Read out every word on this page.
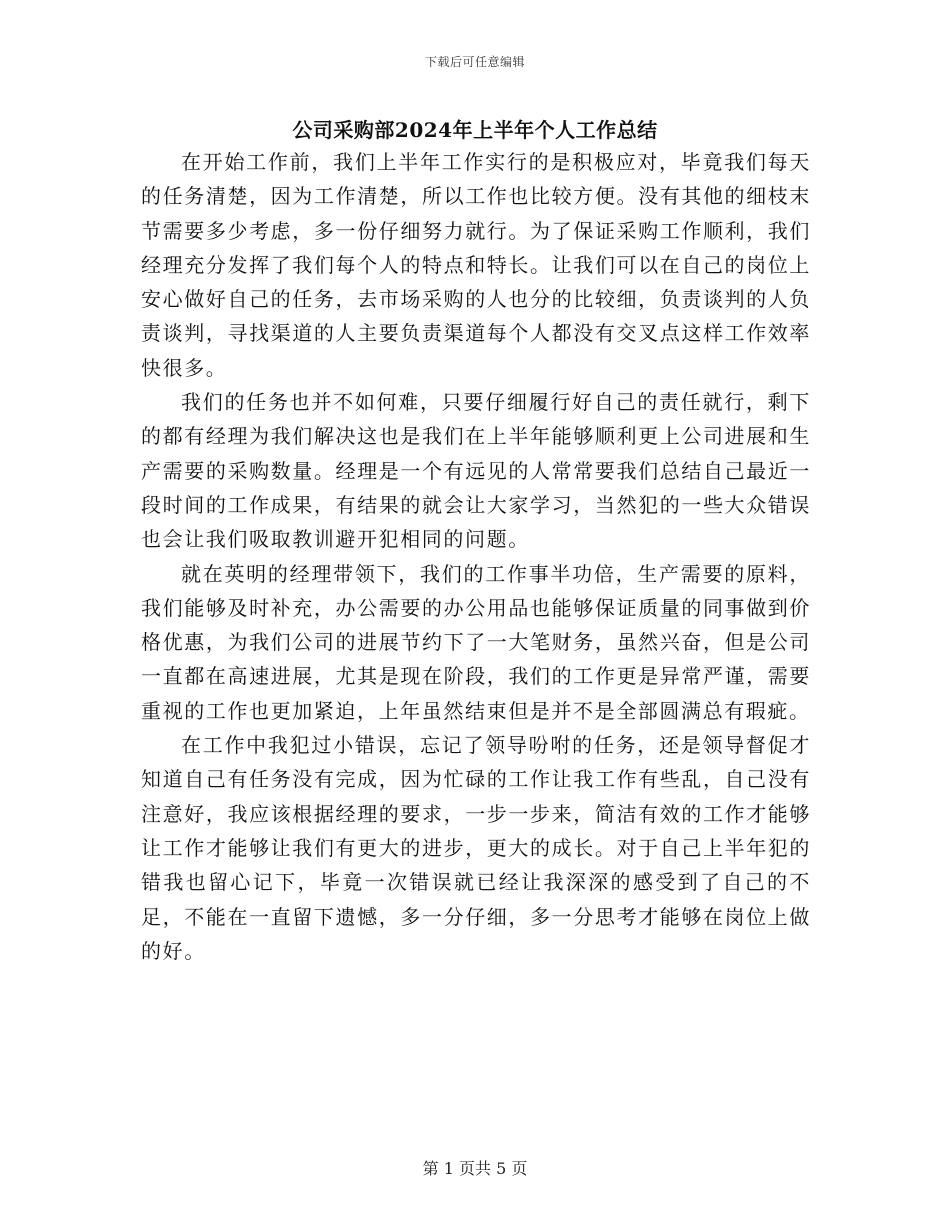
下载后可任意编辑
公司采购部2024年上半年个人工作总结

在开始工作前，我们上半年工作实行的是积极应对，毕竟我们每天的任务清楚，因为工作清楚，所以工作也比较方便。没有其他的细枝末节需要多少考虑，多一份仔细努力就行。为了保证采购工作顺利，我们经理充分发挥了我们每个人的特点和特长。让我们可以在自己的岗位上安心做好自己的任务，去市场采购的人也分的比较细，负责谈判的人负责谈判，寻找渠道的人主要负责渠道每个人都没有交叉点这样工作效率快很多。

我们的任务也并不如何难，只要仔细履行好自己的责任就行，剩下的都有经理为我们解决这也是我们在上半年能够顺利更上公司进展和生产需要的采购数量。经理是一个有远见的人常常要我们总结自己最近一段时间的工作成果，有结果的就会让大家学习，当然犯的一些大众错误也会让我们吸取教训避开犯相同的问题。

就在英明的经理带领下，我们的工作事半功倍，生产需要的原料，我们能够及时补充，办公需要的办公用品也能够保证质量的同事做到价格优惠，为我们公司的进展节约下了一大笔财务，虽然兴奋，但是公司一直都在高速进展，尤其是现在阶段，我们的工作更是异常严谨，需要重视的工作也更加紧迫，上年虽然结束但是并不是全部圆满总有瑕疵。

在工作中我犯过小错误，忘记了领导吩咐的任务，还是领导督促才知道自己有任务没有完成，因为忙碌的工作让我工作有些乱，自己没有注意好，我应该根据经理的要求，一步一步来，简洁有效的工作才能够让工作才能够让我们有更大的进步，更大的成长。对于自己上半年犯的错我也留心记下，毕竟一次错误就已经让我深深的感受到了自己的不足，不能在一直留下遗憾，多一分仔细，多一分思考才能够在岗位上做的好。

第 1 页共 5 页
